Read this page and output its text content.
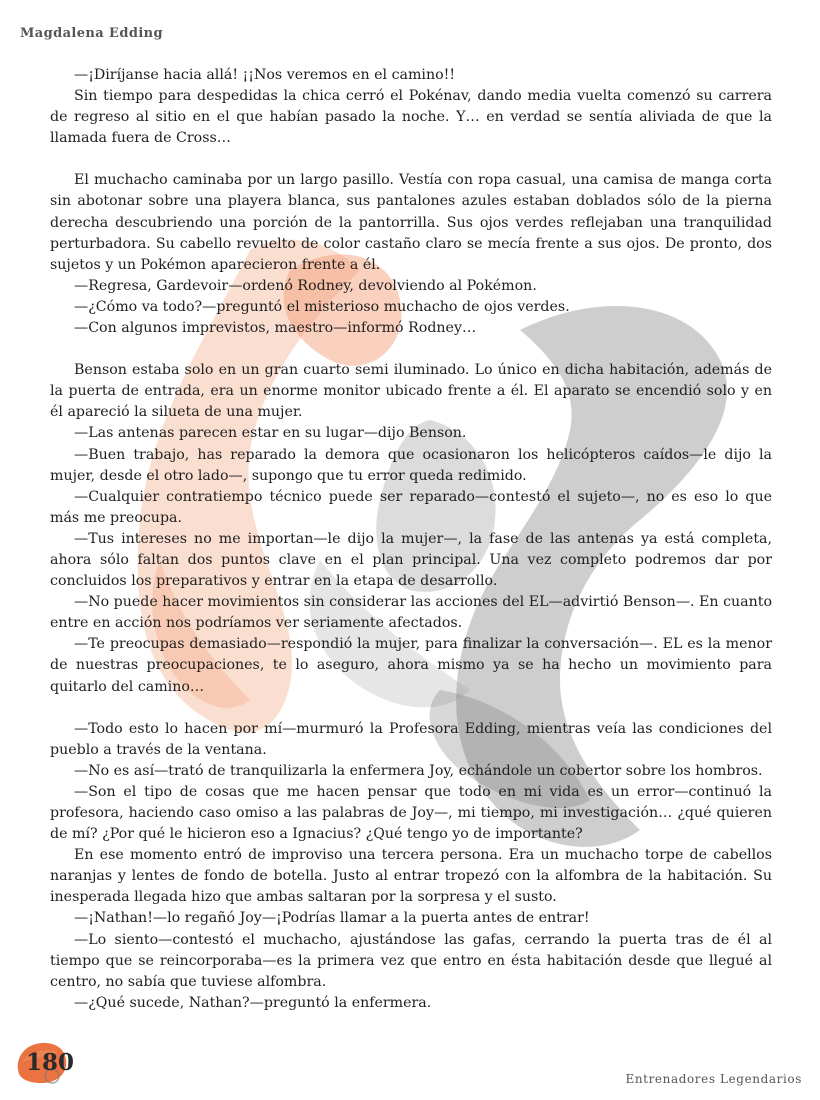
Magdalena Edding

—¡Diríjanse hacia allá! ¡¡Nos veremos en el camino!!

Sin tiempo para despedidas la chica cerró el Pokénav, dando media vuelta comenzó su carrera de regreso al sitio en el que habían pasado la noche. Y… en verdad se sentía aliviada de que la llamada fuera de Cross…

El muchacho caminaba por un largo pasillo. Vestía con ropa casual, una camisa de manga corta sin abotonar sobre una playera blanca, sus pantalones azules estaban doblados sólo de la pierna derecha descubriendo una porción de la pantorrilla. Sus ojos verdes reflejaban una tranquilidad perturbadora. Su cabello revuelto de color castaño claro se mecía frente a sus ojos. De pronto, dos sujetos y un Pokémon aparecieron frente a él.

—Regresa, Gardevoir—ordenó Rodney, devolviendo al Pokémon.

—¿Cómo va todo?—preguntó el misterioso muchacho de ojos verdes.

—Con algunos imprevistos, maestro—informó Rodney…

Benson estaba solo en un gran cuarto semi iluminado. Lo único en dicha habitación, además de la puerta de entrada, era un enorme monitor ubicado frente a él. El aparato se encendió solo y en él apareció la silueta de una mujer.

—Las antenas parecen estar en su lugar—dijo Benson.

—Buen trabajo, has reparado la demora que ocasionaron los helicópteros caídos—le dijo la mujer, desde el otro lado—, supongo que tu error queda redimido.

—Cualquier contratiempo técnico puede ser reparado—contestó el sujeto—, no es eso lo que más me preocupa.

—Tus intereses no me importan—le dijo la mujer—, la fase de las antenas ya está completa, ahora sólo faltan dos puntos clave en el plan principal. Una vez completo podremos dar por concluidos los preparativos y entrar en la etapa de desarrollo.

—No puede hacer movimientos sin considerar las acciones del EL—advirtió Benson—. En cuanto entre en acción nos podríamos ver seriamente afectados.

—Te preocupas demasiado—respondió la mujer, para finalizar la conversación—. EL es la menor de nuestras preocupaciones, te lo aseguro, ahora mismo ya se ha hecho un movimiento para quitarlo del camino…

—Todo esto lo hacen por mí—murmuró la Profesora Edding, mientras veía las condiciones del pueblo a través de la ventana.

—No es así—trató de tranquilizarla la enfermera Joy, echándole un cobertor sobre los hombros.

—Son el tipo de cosas que me hacen pensar que todo en mi vida es un error—continuó la profesora, haciendo caso omiso a las palabras de Joy—, mi tiempo, mi investigación… ¿qué quieren de mí? ¿Por qué le hicieron eso a Ignacius? ¿Qué tengo yo de importante?

En ese momento entró de improviso una tercera persona. Era un muchacho torpe de cabellos naranjas y lentes de fondo de botella. Justo al entrar tropezó con la alfombra de la habitación. Su inesperada llegada hizo que ambas saltaran por la sorpresa y el susto.

—¡Nathan!—lo regañó Joy—¡Podrías llamar a la puerta antes de entrar!

—Lo siento—contestó el muchacho, ajustándose las gafas, cerrando la puerta tras de él al tiempo que se reincorporaba—es la primera vez que entro en ésta habitación desde que llegué al centro, no sabía que tuviese alfombra.

—¿Qué sucede, Nathan?—preguntó la enfermera.

180
Entrenadores Legendarios
